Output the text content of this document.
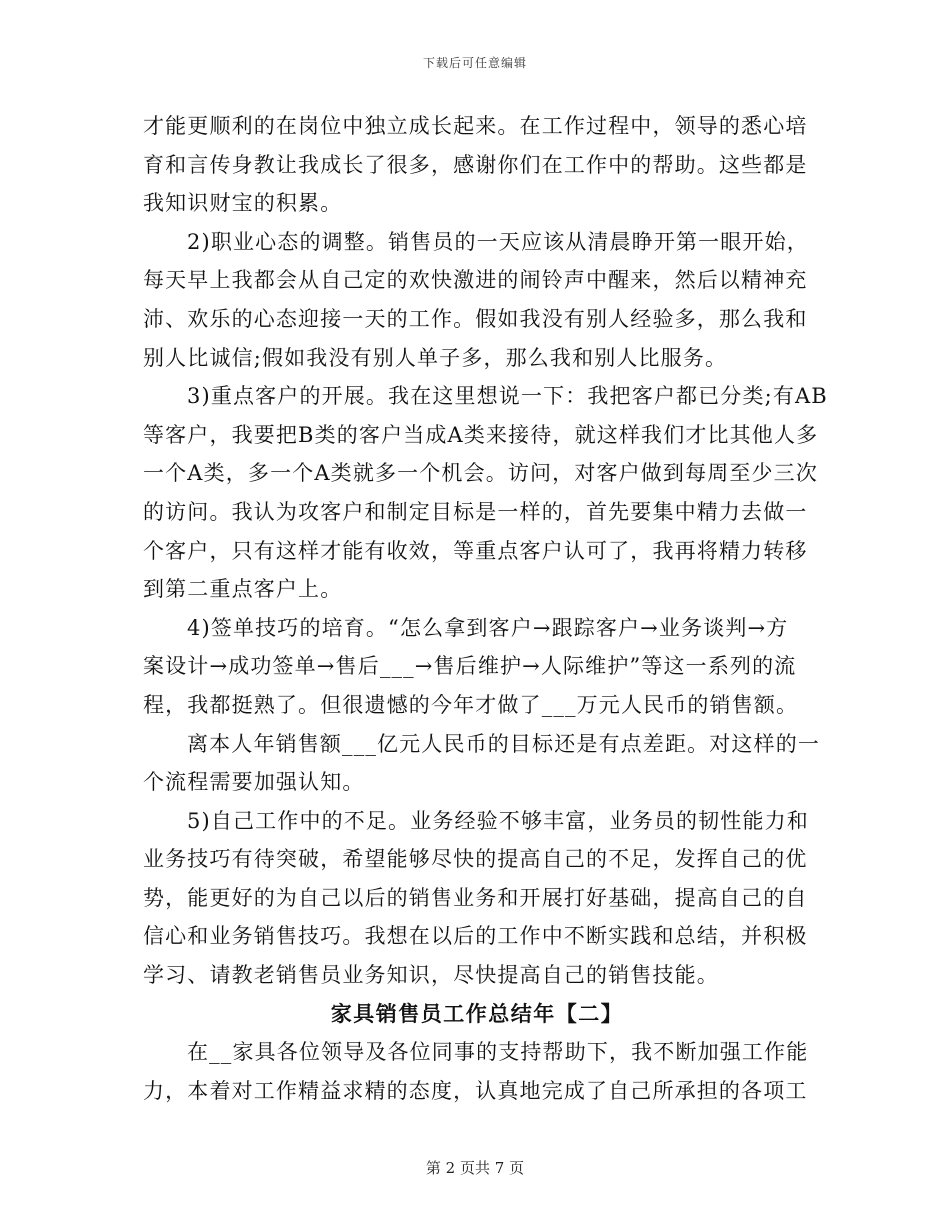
下载后可任意编辑
才能更顺利的在岗位中独立成长起来。在工作过程中，领导的悉心培
育和言传身教让我成长了很多，感谢你们在工作中的帮助。这些都是
我知识财宝的积累。
2)职业心态的调整。销售员的一天应该从清晨睁开第一眼开始，
每天早上我都会从自己定的欢快激进的闹铃声中醒来，然后以精神充
沛、欢乐的心态迎接一天的工作。假如我没有别人经验多，那么我和
别人比诚信;假如我没有别人单子多，那么我和别人比服务。
3)重点客户的开展。我在这里想说一下：我把客户都已分类;有AB
等客户，我要把B类的客户当成A类来接待，就这样我们才比其他人多
一个A类，多一个A类就多一个机会。访问，对客户做到每周至少三次
的访问。我认为攻客户和制定目标是一样的，首先要集中精力去做一
个客户，只有这样才能有收效，等重点客户认可了，我再将精力转移
到第二重点客户上。
4)签单技巧的培育。“怎么拿到客户→跟踪客户→业务谈判→方
案设计→成功签单→售后___→售后维护→人际维护”等这一系列的流
程，我都挺熟了。但很遗憾的今年才做了___万元人民币的销售额。
离本人年销售额___亿元人民币的目标还是有点差距。对这样的一
个流程需要加强认知。
5)自己工作中的不足。业务经验不够丰富，业务员的韧性能力和
业务技巧有待突破，希望能够尽快的提高自己的不足，发挥自己的优
势，能更好的为自己以后的销售业务和开展打好基础，提高自己的自
信心和业务销售技巧。我想在以后的工作中不断实践和总结，并积极
学习、请教老销售员业务知识，尽快提高自己的销售技能。
家具销售员工作总结年【二】
在__家具各位领导及各位同事的支持帮助下，我不断加强工作能
力，本着对工作精益求精的态度，认真地完成了自己所承担的各项工
第 2 页共 7 页
